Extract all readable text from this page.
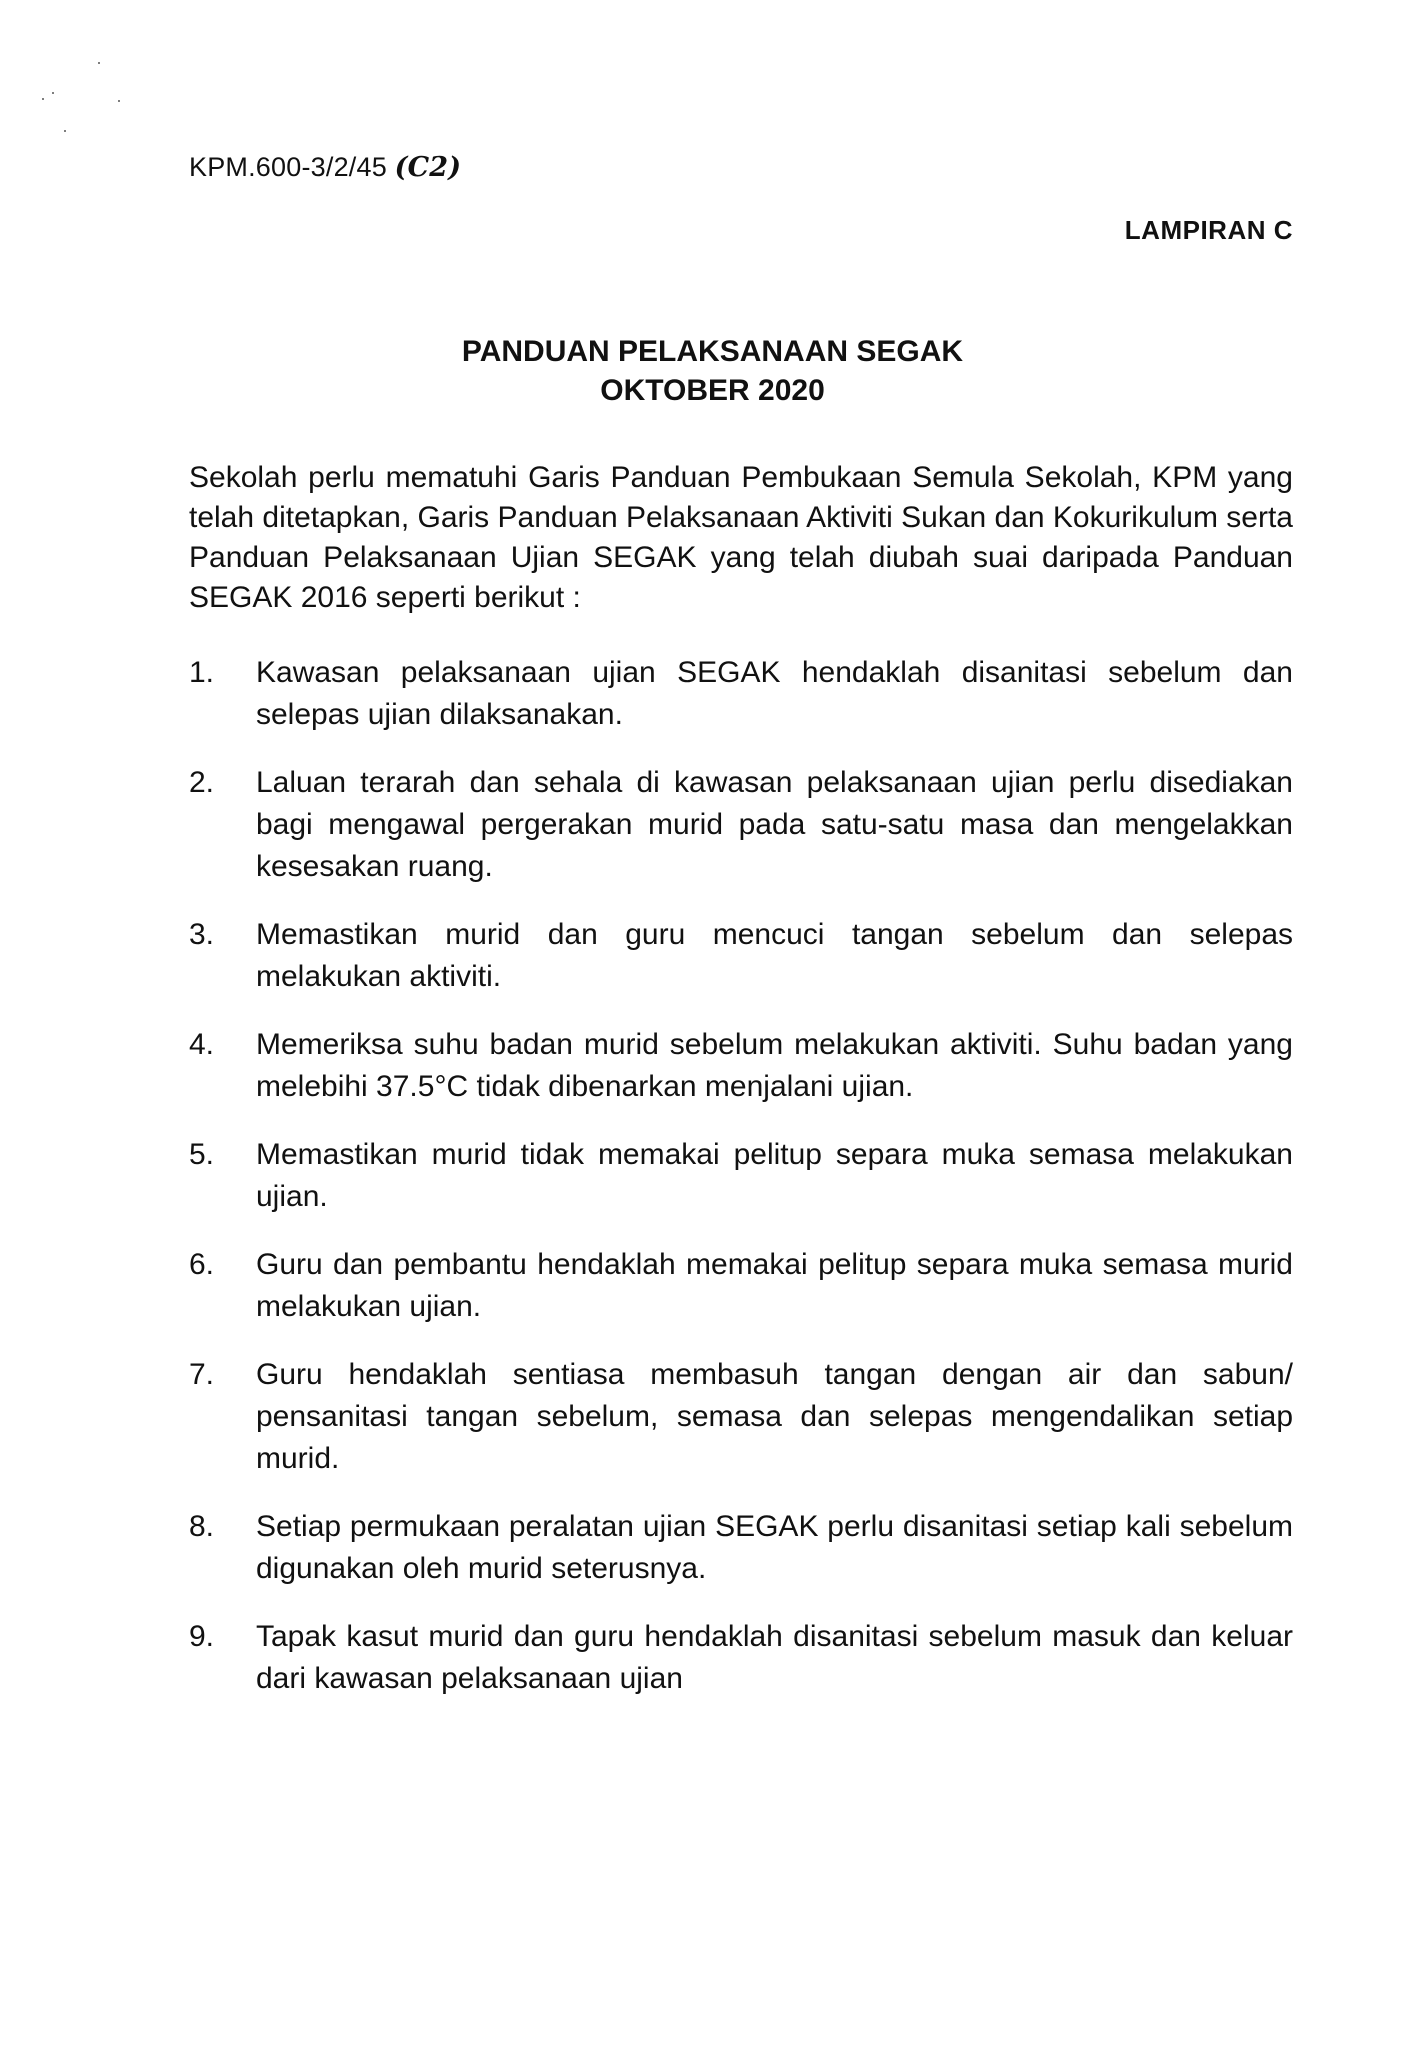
KPM.600-3/2/45 (C2)
LAMPIRAN C
PANDUAN PELAKSANAAN SEGAK
OKTOBER 2020
Sekolah perlu mematuhi Garis Panduan Pembukaan Semula Sekolah, KPM yang telah ditetapkan, Garis Panduan Pelaksanaan Aktiviti Sukan dan Kokurikulum serta Panduan Pelaksanaan Ujian SEGAK yang telah diubah suai daripada Panduan SEGAK 2016 seperti berikut :
1. Kawasan pelaksanaan ujian SEGAK hendaklah disanitasi sebelum dan selepas ujian dilaksanakan.
2. Laluan terarah dan sehala di kawasan pelaksanaan ujian perlu disediakan bagi mengawal pergerakan murid pada satu-satu masa dan mengelakkan kesesakan ruang.
3. Memastikan murid dan guru mencuci tangan sebelum dan selepas melakukan aktiviti.
4. Memeriksa suhu badan murid sebelum melakukan aktiviti. Suhu badan yang melebihi 37.5°C tidak dibenarkan menjalani ujian.
5. Memastikan murid tidak memakai pelitup separa muka semasa melakukan ujian.
6. Guru dan pembantu hendaklah memakai pelitup separa muka semasa murid melakukan ujian.
7. Guru hendaklah sentiasa membasuh tangan dengan air dan sabun/ pensanitasi tangan sebelum, semasa dan selepas mengendalikan setiap murid.
8. Setiap permukaan peralatan ujian SEGAK perlu disanitasi setiap kali sebelum digunakan oleh murid seterusnya.
9. Tapak kasut murid dan guru hendaklah disanitasi sebelum masuk dan keluar dari kawasan pelaksanaan ujian
